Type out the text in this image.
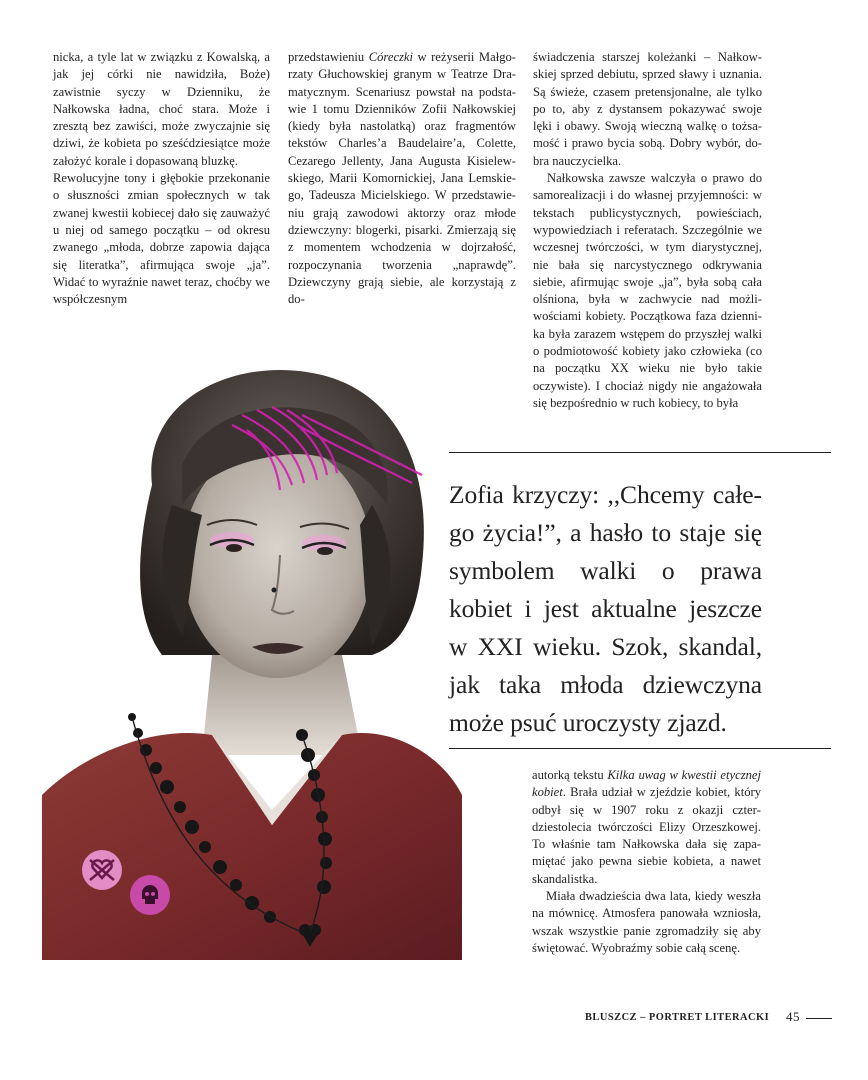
nicka, a tyle lat w związku z Kowalską, a jak jej córki nie nawidziła, Boże) zawistnie syczy w Dzienniku, że Nałkowska ładna, choć stara. Może i zresztą bez zawiści, może zwyczajnie się dziwi, że kobieta po sześćdziesiątce może założyć korale i dopasowaną bluzkę.

Rewolucyjne tony i głębokie przekonanie o słuszności zmian społecznych w tak zwanej kwestii kobiecej dało się zauważyć u niej od samego początku – od okresu zwanego „młoda, dobrze zapowia dająca się literatka”, afirmująca swoje „ja”. Widać to wyraźnie nawet teraz, choćby we współczesnym

przedstawieniu Córeczki w reżyserii Małgorzaty Głuchowskiej granym w Teatrze Dramatycznym. Scenariusz powstał na podstawie 1 tomu Dzienników Zofii Nałkowskiej (kiedy była nastolatką) oraz fragmentów tekstów Charles’a Baudelaire’a, Colette, Cezarego Jellenty, Jana Augusta Kisielewskiego, Marii Komornickiej, Jana Lemskiego, Tadeusza Micielskiego. W przedstawieniu grają zawodowi aktorzy oraz młode dziewczyny: blogerki, pisarki. Zmierzają się z momentem wchodzenia w dojrzałość, rozpoczynania tworzenia „naprawdę”. Dziewczyny grają siebie, ale korzystają z do-

świadczenia starszej koleżanki – Nałkowskiej sprzed debiutu, sprzed sławy i uznania. Są świeże, czasem pretensjonalne, ale tylko po to, aby z dystansem pokazywać swoje lęki i obawy. Swoją wieczną walkę o tożsamość i prawo bycia sobą. Dobry wybór, dobra nauczycielka.

Nałkowska zawsze walczyła o prawo do samorealizacji i do własnej przyjemności: w tekstach publicystycznych, powieściach, wypowiedziach i referatach. Szczególnie we wczesnej twórczości, w tym diarystycznej, nie bała się narcystycznego odkrywania siebie, afirmując swoje „ja”, była sobą cała olśniona, była w zachwycie nad możliwościami kobiety. Początkowa faza dziennika była zarazem wstępem do przyszłej walki o podmiotowość kobiety jako człowieka (co na początku XX wieku nie było takie oczywiste). I chociaż nigdy nie angażowała się bezpośrednio w ruch kobiecy, to była

Zofia krzyczy: ,,Chcemy całego życia!”, a hasło to staje się symbolem walki o prawa kobiet i jest aktualne jeszcze w XXI wieku. Szok, skandal, jak taka młoda dziewczyna może psuć uroczysty zjazd.

autorką tekstu Kilka uwag w kwestii etycznej kobiet. Brała udział w zjeździe kobiet, który odbył się w 1907 roku z okazji czterdziestolecia twórczości Elizy Orzeszkowej. To właśnie tam Nałkowska dała się zapamiętać jako pewna siebie kobieta, a nawet skandalistka.

Miała dwadzieścia dwa lata, kiedy weszła na mównicę. Atmosfera panowała wzniosła, wszak wszystkie panie zgromadziły się aby świętować. Wyobraźmy sobie całą scenę.

BLUSZCZ – PORTRET LITERACKI 45
